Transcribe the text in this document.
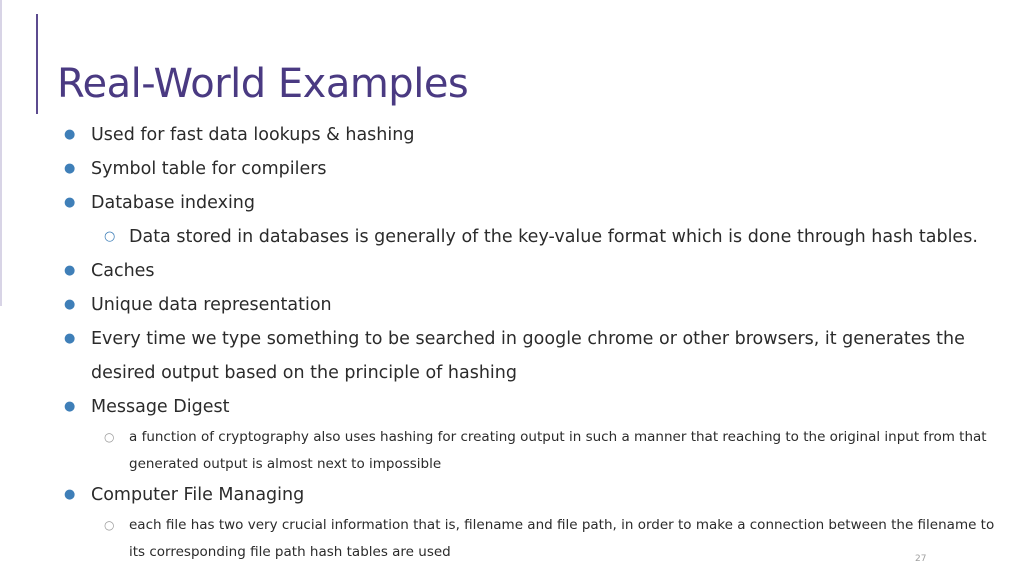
Real-World Examples
● Used for fast data lookups & hashing
● Symbol table for compilers
● Database indexing
○ Data stored in databases is generally of the key-value format which is done through hash tables.
● Caches
● Unique data representation
● Every time we type something to be searched in google chrome or other browsers, it generates the desired output based on the principle of hashing
● Message Digest
○	a function of cryptography also uses hashing for creating output in such a manner that reaching to the original input from that generated output is almost next to impossible
● Computer File Managing
○	each file has two very crucial information that is, filename and file path, in order to make a connection between the filename to its corresponding file path hash tables are used	27
